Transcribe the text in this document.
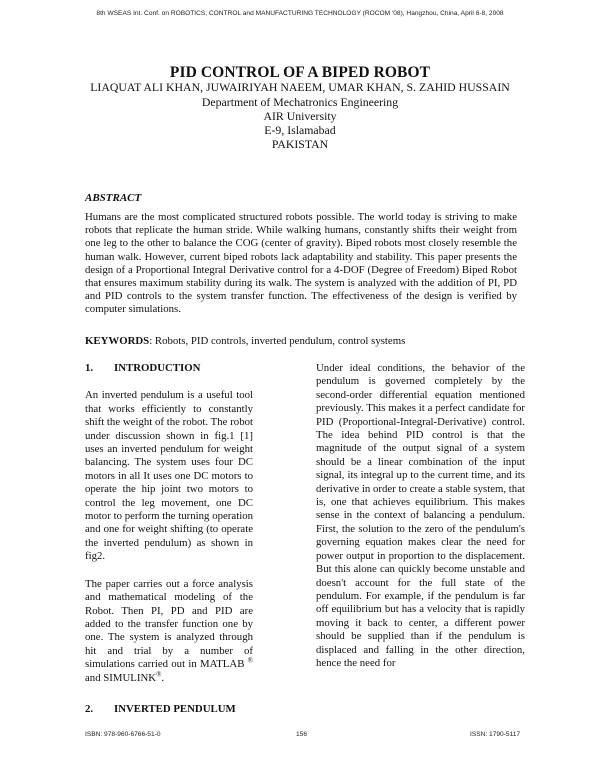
8th WSEAS Int. Conf. on ROBOTICS, CONTROL and MANUFACTURING TECHNOLOGY (ROCOM '08), Hangzhou, China, April 6-8, 2008
PID CONTROL OF A BIPED ROBOT
LIAQUAT ALI KHAN, JUWAIRIYAH NAEEM, UMAR KHAN, S. ZAHID HUSSAIN
Department of Mechatronics Engineering
AIR University
E-9, Islamabad
PAKISTAN
ABSTRACT
Humans are the most complicated structured robots possible. The world today is striving to make robots that replicate the human stride. While walking humans, constantly shifts their weight from one leg to the other to balance the COG (center of gravity). Biped robots most closely resemble the human walk. However, current biped robots lack adaptability and stability. This paper presents the design of a Proportional Integral Derivative control for a 4-DOF (Degree of Freedom) Biped Robot that ensures maximum stability during its walk. The system is analyzed with the addition of PI, PD and PID controls to the system transfer function. The effectiveness of the design is verified by computer simulations.
KEYWORDS: Robots, PID controls, inverted pendulum, control systems
1. INTRODUCTION

An inverted pendulum is a useful tool that works efficiently to constantly shift the weight of the robot. The robot under discussion shown in fig.1 [1] uses an inverted pendulum for weight balancing. The system uses four DC motors in all It uses one DC motors to operate the hip joint two motors to control the leg movement, one DC motor to perform the turning operation and one for weight shifting (to operate the inverted pendulum) as shown in fig2.

The paper carries out a force analysis and mathematical modeling of the Robot. Then PI, PD and PID are added to the transfer function one by one. The system is analyzed through hit and trial by a number of simulations carried out in MATLAB ® and SIMULINK®.

2. INVERTED PENDULUM

Under ideal conditions, the behavior of the pendulum is governed completely by the second-order differential equation mentioned previously. This makes it a perfect candidate for PID (Proportional-Integral-Derivative) control. The idea behind PID control is that the magnitude of the output signal of a system should be a linear combination of the input signal, its integral up to the current time, and its derivative in order to create a stable system, that is, one that achieves equilibrium. This makes sense in the context of balancing a pendulum. First, the solution to the zero of the pendulum's governing equation makes clear the need for power output in proportion to the displacement. But this alone can quickly become unstable and doesn't account for the full state of the pendulum. For example, if the pendulum is far off equilibrium but has a velocity that is rapidly moving it back to center, a different power should be supplied than if the pendulum is displaced and falling in the other direction, hence the need for

ISBN: 978-960-6766-51-0	156	ISSN: 1790-5117
